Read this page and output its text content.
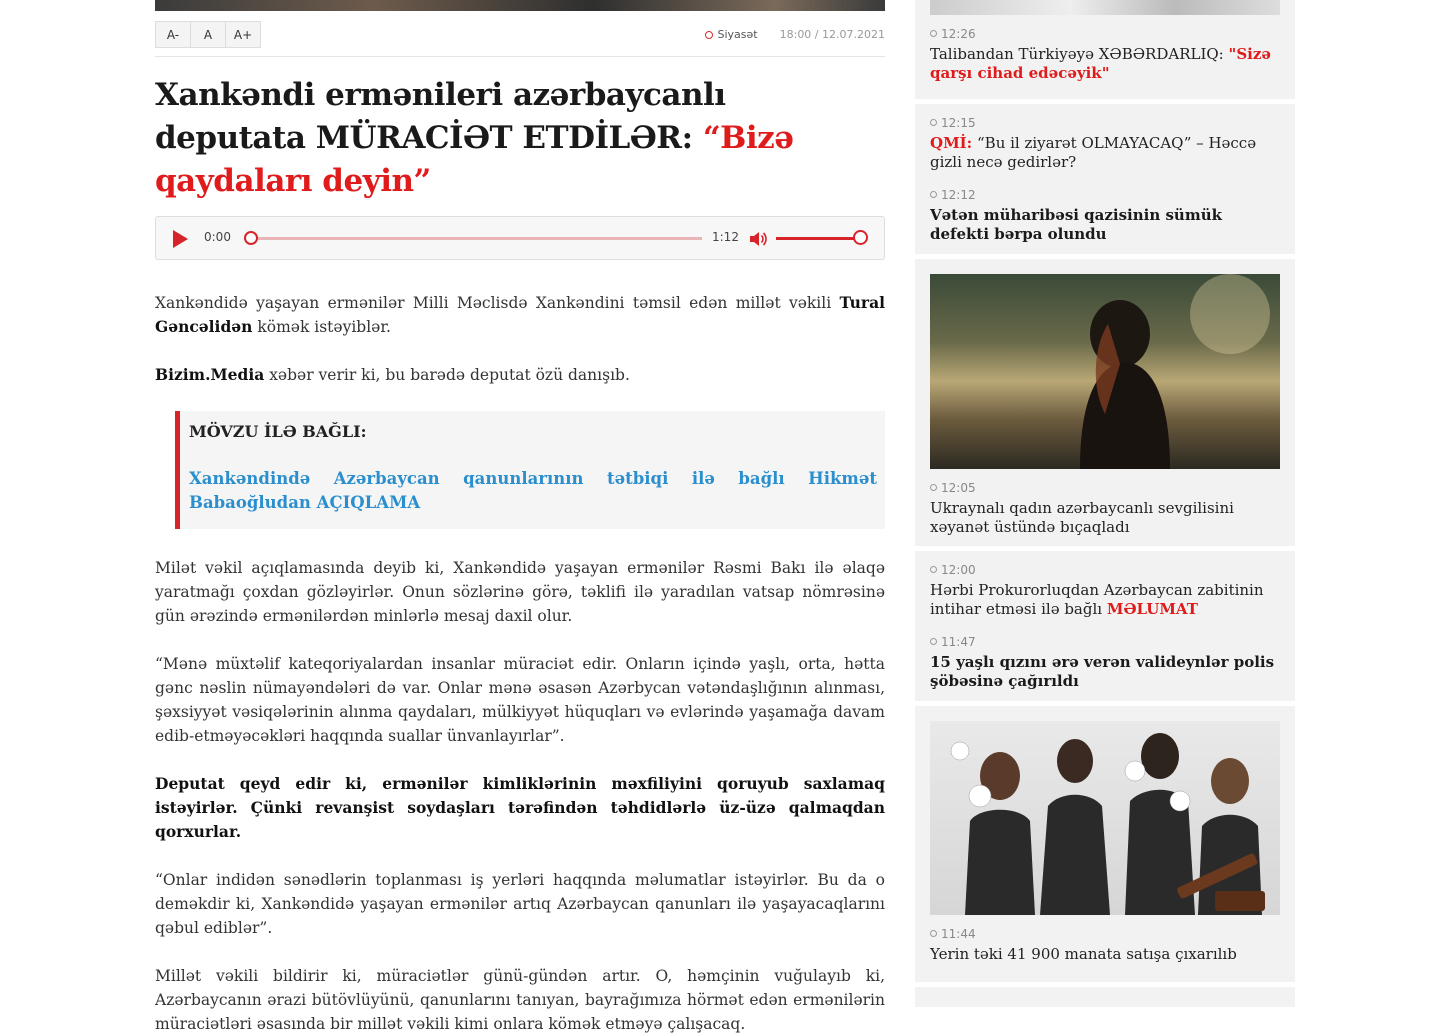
A-	A	A+	Siyasət 18:00 / 12.07.2021
Xankəndi ermənileri azərbaycanlı deputata MÜRACİƏT ETDİLƏR: “Bizə qaydaları deyin”
0:00	1:12

Xankəndidə yaşayan ermənilər Milli Məclisdə Xankəndini təmsil edən millət vəkili Tural Gəncəlidən kömək istəyiblər.

Bizim.Media xəbər verir ki, bu barədə deputat özü danışıb.

MÖVZU İLƏ BAĞLI:
Xankəndində Azərbaycan qanunlarının tətbiqi ilə bağlı Hikmət Babaoğludan AÇIQLAMA

Milət vəkil açıqlamasında deyib ki, Xankəndidə yaşayan ermənilər Rəsmi Bakı ilə əlaqə yaratmağı çoxdan gözləyirlər. Onun sözlərinə görə, təklifi ilə yaradılan vatsap nömrəsinə gün ərəzində ermənilərdən minlərlə mesaj daxil olur.

“Mənə müxtəlif kateqoriyalardan insanlar müraciət edir. Onların içində yaşlı, orta, hətta gənc nəslin nümayəndələri də var. Onlar mənə əsasən Azərbycan vətəndaşlığının alınması, şəxsiyyət vəsiqələrinin alınma qaydaları, mülkiyyət hüquqları və evlərində yaşamağa davam edib-etməyəcəkləri haqqında suallar ünvanlayırlar”.

Deputat qeyd edir ki, ermənilər kimliklərinin məxfiliyini qoruyub saxlamaq istəyirlər. Çünki revanşist soydaşları tərəfindən təhdidlərlə üz-üzə qalmaqdan qorxurlar.

“Onlar indidən sənədlərin toplanması iş yerləri haqqında məlumatlar istəyirlər. Bu da o deməkdir ki, Xankəndidə yaşayan ermənilər artıq Azərbaycan qanunları ilə yaşayacaqlarını qəbul ediblər”.

Millət vəkili bildirir ki, müraciətlər günü-gündən artır. O, həmçinin vuğulayıb ki, Azərbaycanın ərazi bütövlüyünü, qanunlarını tanıyan, bayrağımıza hörmət edən ermənilərin müraciətləri əsasında bir millət vəkili kimi onlara kömək etməyə çalışacaq.

12:26
Talibandan Türkiyəyə XƏBƏRDARLIQ: "Sizə qarşı cihad edəcəyik"
12:15
QMİ: “Bu il ziyarət OLMAYACAQ” – Həccə gizli necə gedirlər?
12:12
Vətən müharibəsi qazisinin sümük defekti bərpa olundu
12:05
Ukraynalı qadın azərbaycanlı sevgilisini xəyanət üstündə bıçaqladı
12:00
Hərbi Prokurorluqdan Azərbaycan zabitinin intihar etməsi ilə bağlı MƏLUMAT
11:47
15 yaşlı qızını ərə verən valideynlər polis şöbəsinə çağırıldı
11:44
Yerin təki 41 900 manata satışa çıxarılıb
